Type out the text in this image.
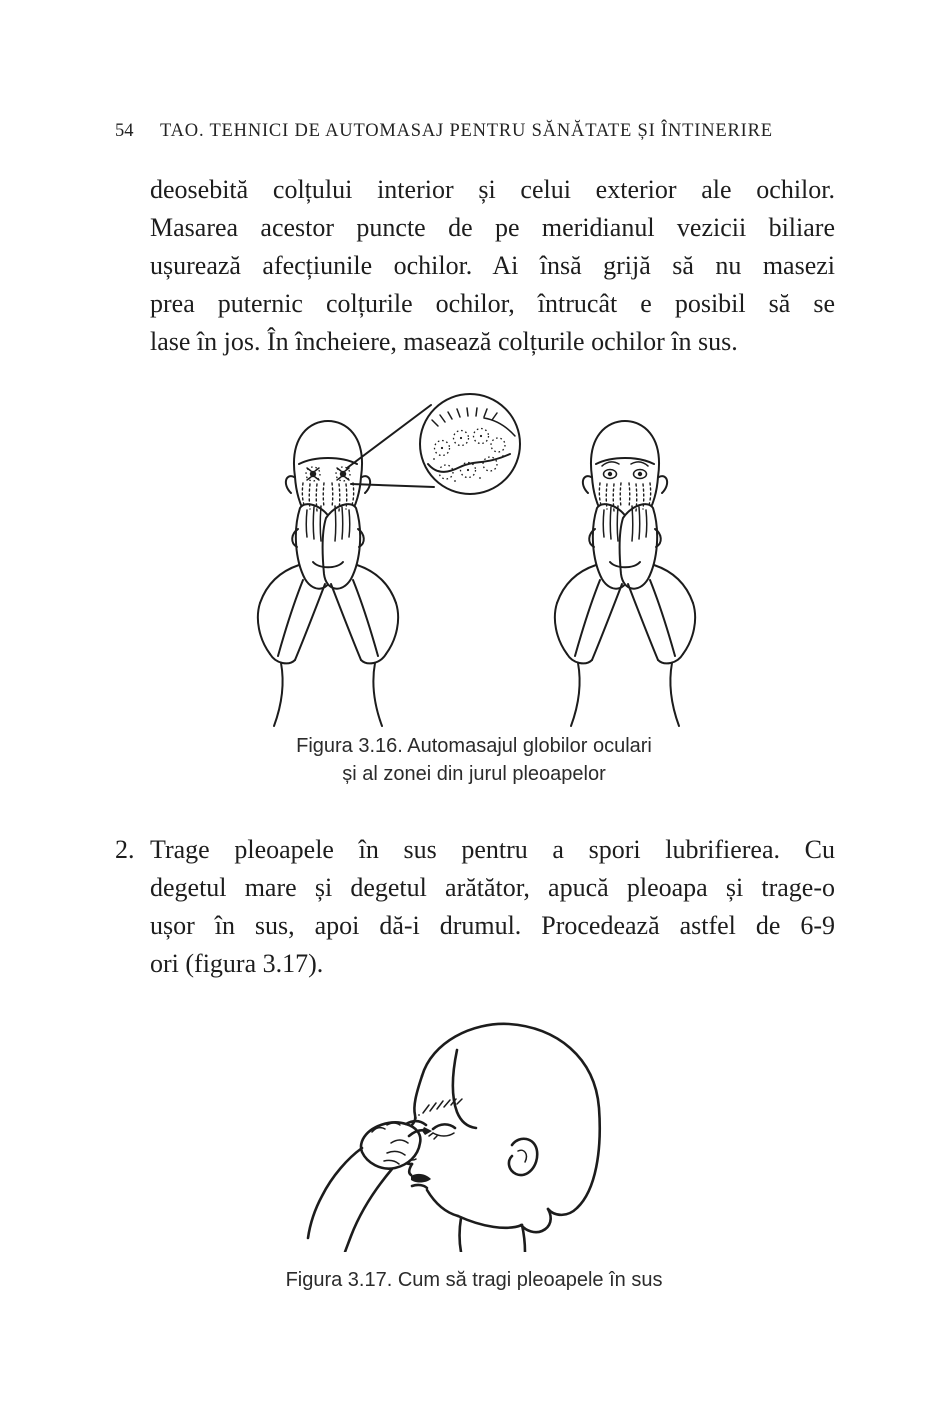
54 TAO. TEHNICI DE AUTOMASAJ PENTRU SĂNĂTATE ȘI ÎNTINERIRE
deosebită colțului interior și celui exterior ale ochilor.
Masarea acestor puncte de pe meridianul vezicii biliare
ușurează afecțiunile ochilor. Ai însă grijă să nu masezi
prea puternic colțurile ochilor, întrucât e posibil să se
lase în jos. În încheiere, masează colțurile ochilor în sus.
Figura 3.16. Automasajul globilor oculari
și al zonei din jurul pleoapelor
2. Trage pleoapele în sus pentru a spori lubrifierea. Cu
degetul mare și degetul arătător, apucă pleoapa și trage-o
ușor în sus, apoi dă-i drumul. Procedează astfel de 6-9
ori (figura 3.17).
Figura 3.17. Cum să tragi pleoapele în sus
